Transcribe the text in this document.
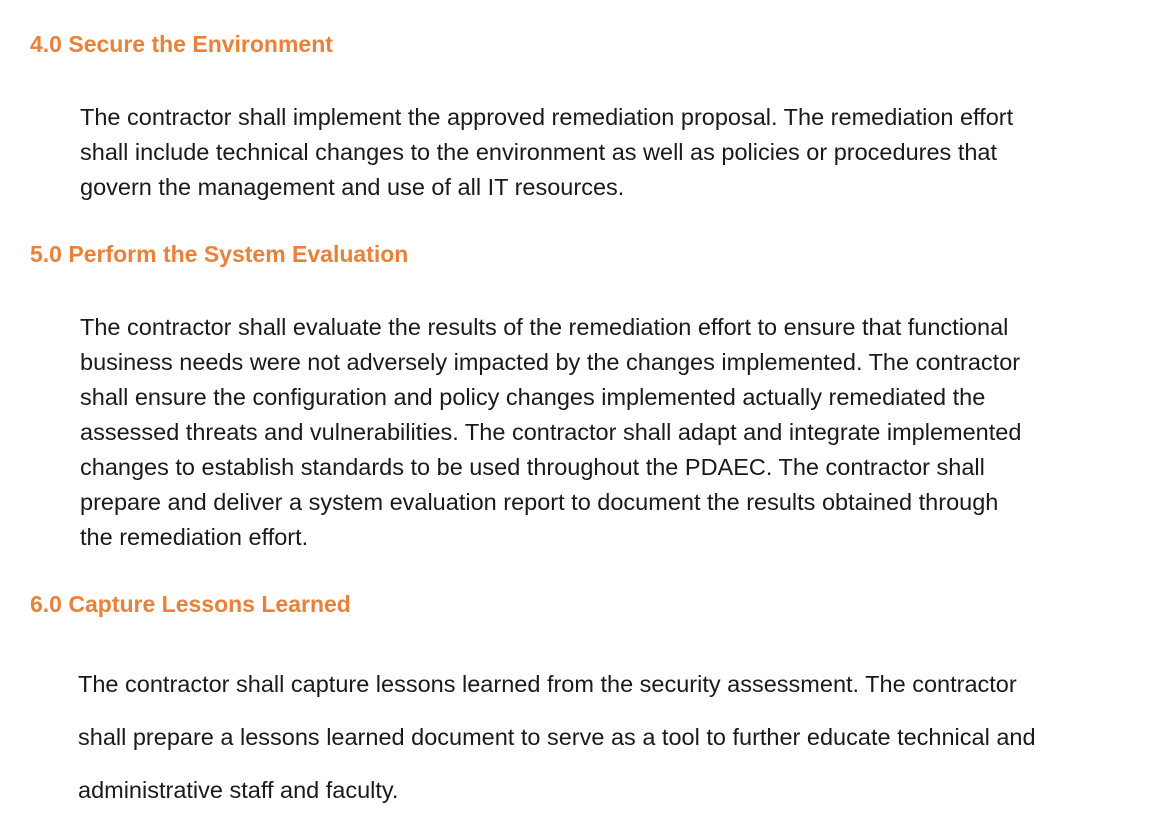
4.0 Secure the Environment
The contractor shall implement the approved remediation proposal. The remediation effort
shall include technical changes to the environment as well as policies or procedures that
govern the management and use of all IT resources.
5.0 Perform the System Evaluation
The contractor shall evaluate the results of the remediation effort to ensure that functional
business needs were not adversely impacted by the changes implemented. The contractor
shall ensure the configuration and policy changes implemented actually remediated the
assessed threats and vulnerabilities. The contractor shall adapt and integrate implemented
changes to establish standards to be used throughout the PDAEC. The contractor shall
prepare and deliver a system evaluation report to document the results obtained through
the remediation effort.
6.0 Capture Lessons Learned
The contractor shall capture lessons learned from the security assessment. The contractor
shall prepare a lessons learned document to serve as a tool to further educate technical and
administrative staff and faculty.
